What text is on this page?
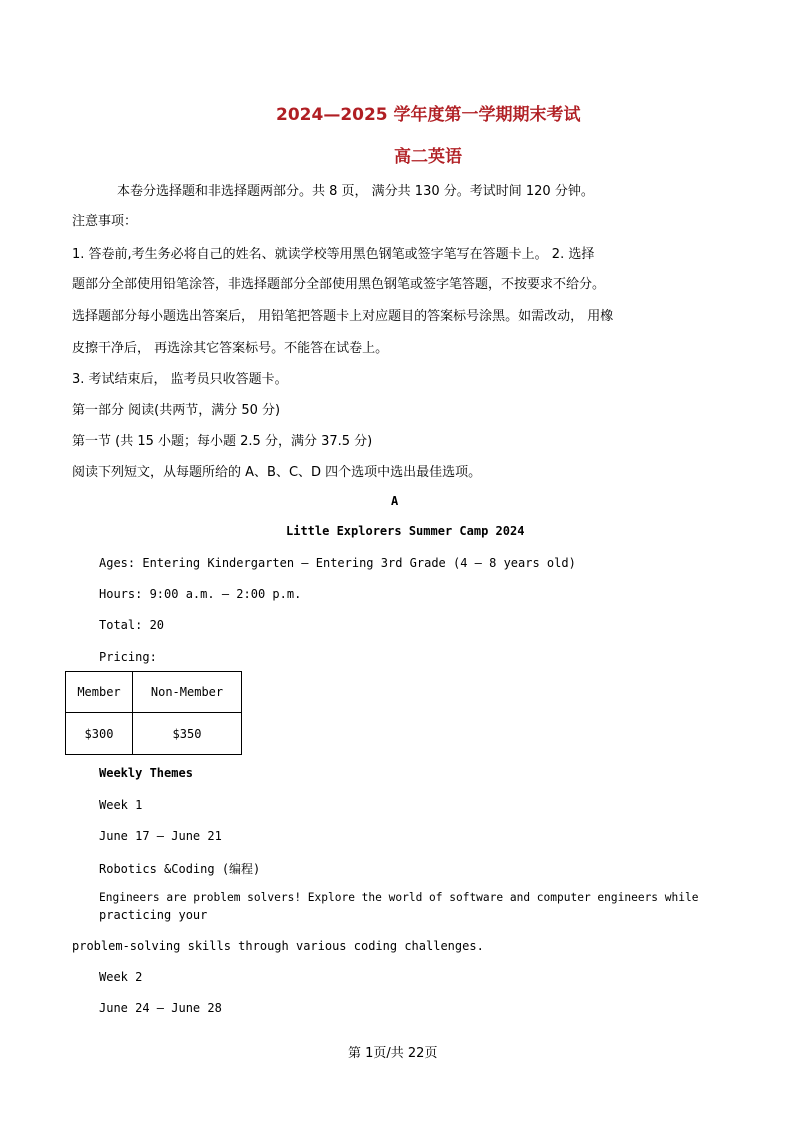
2024—2025 学年度第一学期期末考试
高二英语
本卷分选择题和非选择题两部分。共 8 页， 满分共 130 分。考试时间 120 分钟。
注意事项：
1. 答卷前,考生务必将自己的姓名、就读学校等用黑色钢笔或签字笔写在答题卡上。 2. 选择
题部分全部使用铅笔涂答，非选择题部分全部使用黑色钢笔或签字笔答题，不按要求不给分。
选择题部分每小题选出答案后， 用铅笔把答题卡上对应题目的答案标号涂黑。如需改动， 用橡
皮擦干净后， 再选涂其它答案标号。不能答在试卷上。
3. 考试结束后， 监考员只收答题卡。
第一部分 阅读(共两节，满分 50 分)
第一节 (共 15 小题；每小题 2.5 分，满分 37.5 分)
阅读下列短文，从每题所给的 A、B、C、D 四个选项中选出最佳选项。
A
Little Explorers Summer Camp 2024
Ages: Entering Kindergarten — Entering 3rd Grade (4 — 8 years old)
Hours: 9:00 a.m. — 2:00 p.m.
Total: 20
Pricing:
Member	Non-Member
$300	$350
Weekly Themes
Week 1
June 17 — June 21
Robotics &Coding (编程)
Engineers are problem solvers! Explore the world of software and computer engineers while
practicing your
problem-solving skills through various coding challenges.
Week 2
June 24 — June 28
第 1页/共 22页
